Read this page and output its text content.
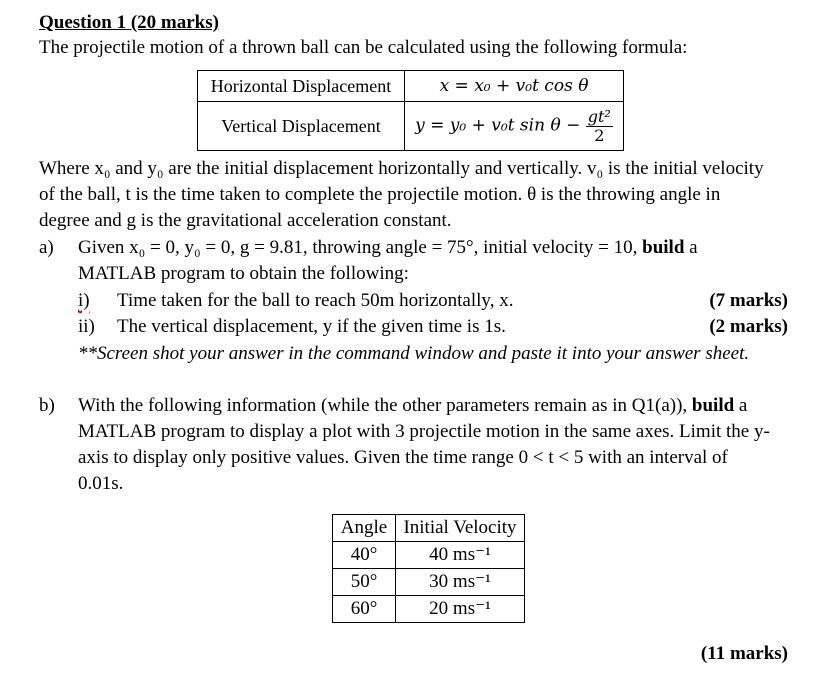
Question 1 (20 marks)
The projectile motion of a thrown ball can be calculated using the following formula:
Horizontal Displacement	x = x₀ + v₀t cos θ
Vertical Displacement	y = y₀ + v₀t $\sin \theta - \frac{\text{gt²}}{2}$
Where x₀ and y₀ are the initial displacement horizontally and vertically. v₀ is the initial velocity
of the ball, t is the time taken to complete the projectile motion. θ is the throwing angle in
degree and g is the gravitational acceleration constant.
a) Given x₀ = 0, y₀ = 0, g = 9.81, throwing angle = 75°, initial velocity = 10, build a
MATLAB program to obtain the following:
i) Time taken for the ball to reach 50m horizontally, x.	(7 marks)
ii) The vertical displacement, y if the given time is 1s.	(2 marks)
**Screen shot your answer in the command window and paste it into your answer sheet.
b) With the following information (while the other parameters remain as in Q1(a)), build a
MATLAB program to display a plot with 3 projectile motion in the same axes. Limit the y-
axis to display only positive values. Given the time range 0 < t < 5 with an interval of
0.01s.
Angle	Initial Velocity
40°	40 ms⁻¹
50°	30 ms⁻¹
60°	20 ms⁻¹
(11 marks)
